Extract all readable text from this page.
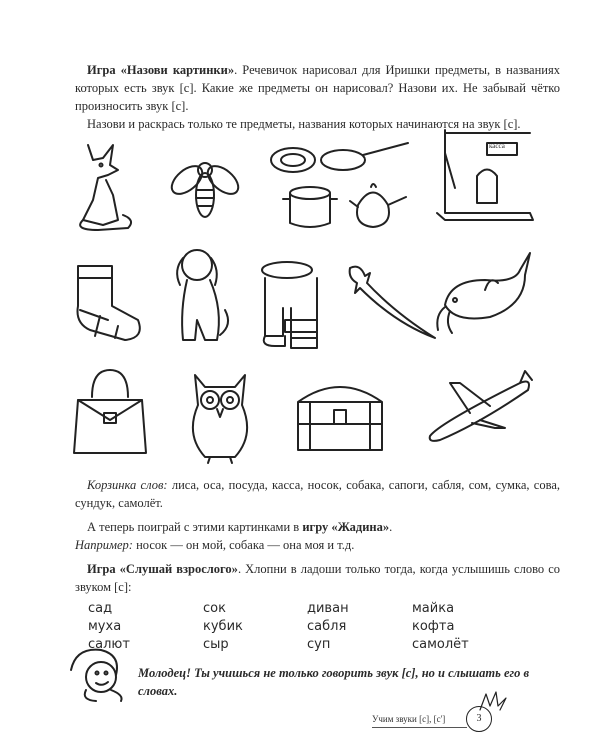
Игра «Назови картинки». Речевичок нарисовал для Иришки предметы, в названиях которых есть звук [с]. Какие же предметы он нарисовал? Назови их. Не забывай чётко произносить звук [с].
Назови и раскрась только те предметы, названия которых начинаются на звук [с].
касса
Корзинка слов: лиса, оса, посуда, касса, носок, собака, сапоги, сабля, сом, сумка, сова, сундук, самолёт.
А теперь поиграй с этими картинками в игру «Жадина».
Например: носок — он мой, собака — она моя и т.д.
Игра «Слушай взрослого». Хлопни в ладоши только тогда, когда услышишь слово со звуком [с]:
сад	сок	диван	майка
муха	кубик	сабля	кофта
салют	сыр	суп	самолёт
Молодец! Ты учишься не только говорить звук [с], но и слышать его в словах.
Учим звуки [с], [с']	3
